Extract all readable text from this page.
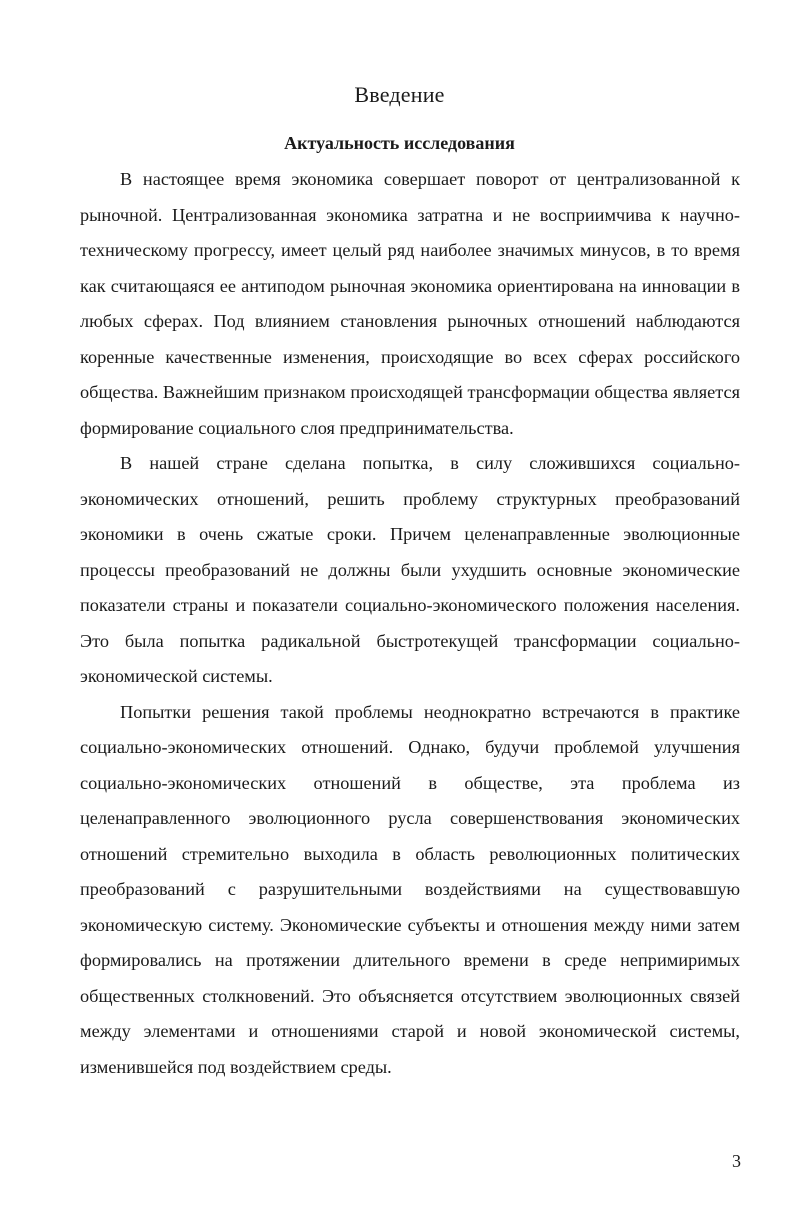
Введение
Актуальность исследования

В настоящее время экономика совершает поворот от централизованной к рыночной. Централизованная экономика затратна и не восприимчива к научно-техническому прогрессу, имеет целый ряд наиболее значимых минусов, в то время как считающаяся ее антиподом рыночная экономика ориентирована на инновации в любых сферах. Под влиянием становления рыночных отношений наблюдаются коренные качественные изменения, происходящие во всех сферах российского общества. Важнейшим признаком происходящей трансформации общества является формирование социального слоя предпринимательства.

В нашей стране сделана попытка, в силу сложившихся социально-экономических отношений, решить проблему структурных преобразований экономики в очень сжатые сроки. Причем целенаправленные эволюционные процессы преобразований не должны были ухудшить основные экономические показатели страны и показатели социально-экономического положения населения. Это была попытка радикальной быстротекущей трансформации социально-экономической системы.

Попытки решения такой проблемы неоднократно встречаются в практике социально-экономических отношений. Однако, будучи проблемой улучшения социально-экономических отношений в обществе, эта проблема из целенаправленного эволюционного русла совершенствования экономических отношений стремительно выходила в область революционных политических преобразований с разрушительными воздействиями на существовавшую экономическую систему. Экономические субъекты и отношения между ними затем формировались на протяжении длительного времени в среде непримиримых общественных столкновений. Это объясняется отсутствием эволюционных связей между элементами и отношениями старой и новой экономической системы, изменившейся под воздействием среды.

3
